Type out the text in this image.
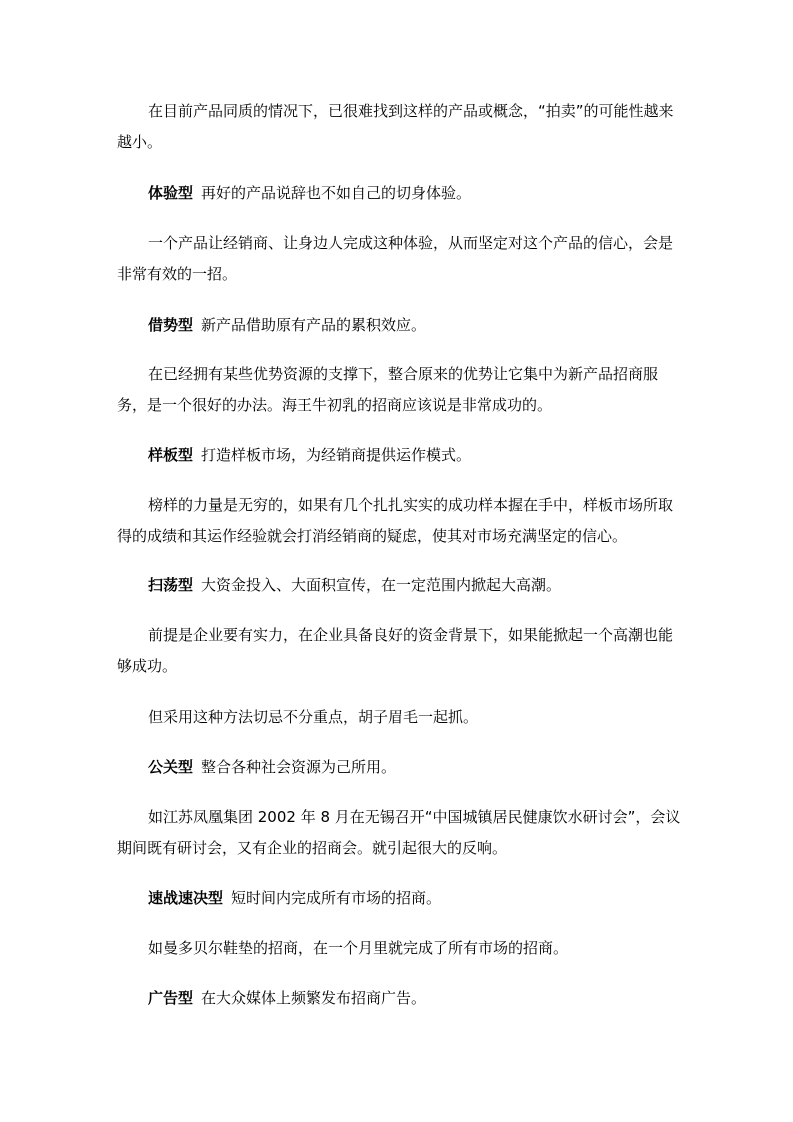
在目前产品同质的情况下，已很难找到这样的产品或概念，“拍卖”的可能性越来越小。

体验型 再好的产品说辞也不如自己的切身体验。

一个产品让经销商、让身边人完成这种体验，从而坚定对这个产品的信心，会是非常有效的一招。

借势型 新产品借助原有产品的累积效应。

在已经拥有某些优势资源的支撑下，整合原来的优势让它集中为新产品招商服务，是一个很好的办法。海王牛初乳的招商应该说是非常成功的。

样板型 打造样板市场，为经销商提供运作模式。

榜样的力量是无穷的，如果有几个扎扎实实的成功样本握在手中，样板市场所取得的成绩和其运作经验就会打消经销商的疑虑，使其对市场充满坚定的信心。

扫荡型 大资金投入、大面积宣传，在一定范围内掀起大高潮。

前提是企业要有实力，在企业具备良好的资金背景下，如果能掀起一个高潮也能够成功。

但采用这种方法切忌不分重点，胡子眉毛一起抓。

公关型 整合各种社会资源为己所用。

如江苏凤凰集团 2002 年 8 月在无锡召开“中国城镇居民健康饮水研讨会”，会议期间既有研讨会，又有企业的招商会。就引起很大的反响。

速战速决型 短时间内完成所有市场的招商。

如曼多贝尔鞋垫的招商，在一个月里就完成了所有市场的招商。

广告型 在大众媒体上频繁发布招商广告。
